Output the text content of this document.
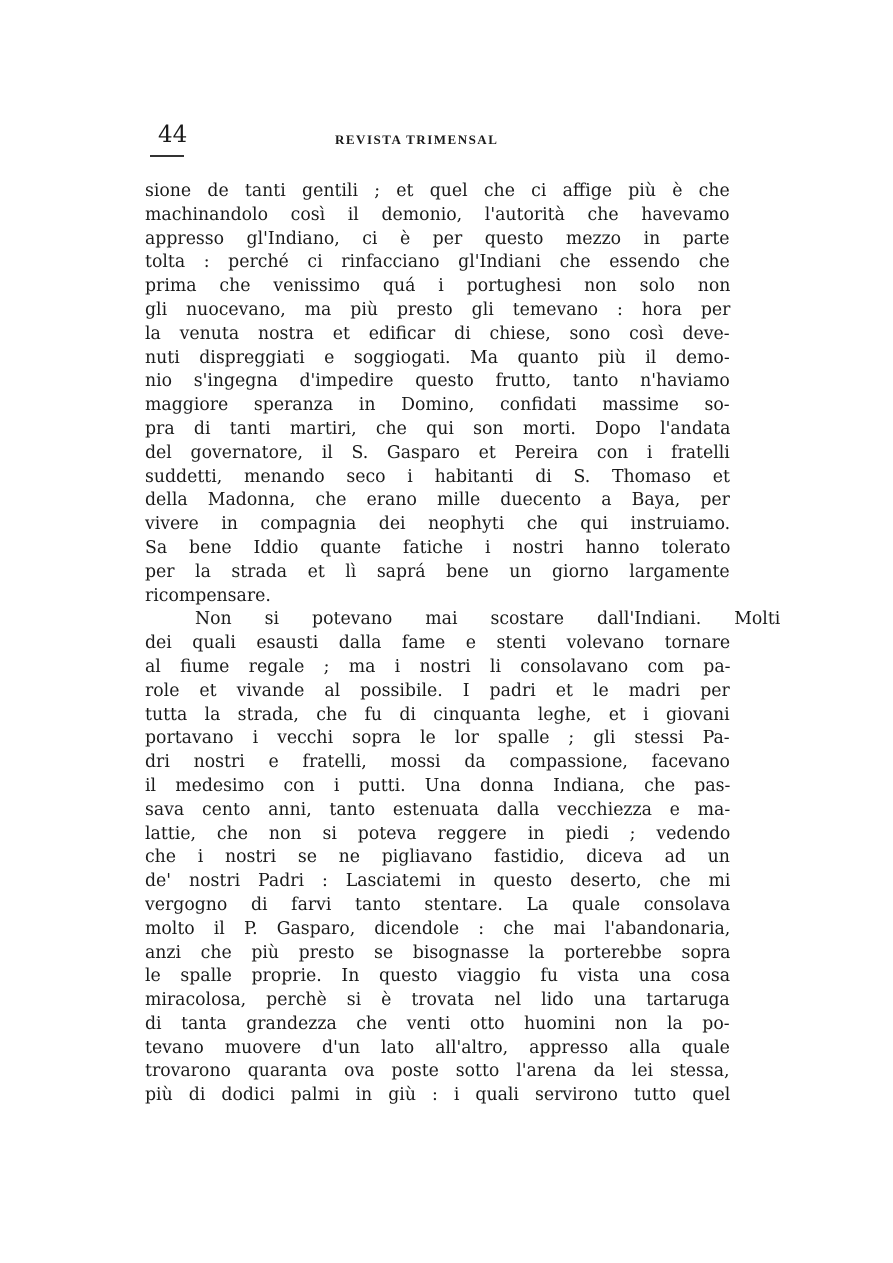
44	REVISTA TRIMENSAL
sione de tanti gentili ; et quel che ci affige più è che
machinandolo così il demonio, l'autorità che havevamo
appresso gl'Indiano, ci è per questo mezzo in parte
tolta : perché ci rinfacciano gl'Indiani che essendo che
prima che venissimo quá i portughesi non solo non
gli nuocevano, ma più presto gli temevano : hora per
la venuta nostra et edificar di chiese, sono così deve-
nuti dispreggiati e soggiogati. Ma quanto più il demo-
nio s'ingegna d'impedire questo frutto, tanto n'haviamo
maggiore speranza in Domino, confidati massime so-
pra di tanti martiri, che qui son morti. Dopo l'andata
del governatore, il S. Gasparo et Pereira con i fratelli
suddetti, menando seco i habitanti di S. Thomaso et
della Madonna, che erano mille duecento a Baya, per
vivere in compagnia dei neophyti che qui instruiamo.
Sa bene Iddio quante fatiche i nostri hanno tolerato
per la strada et lì saprá bene un giorno largamente
ricompensare.
Non si potevano mai scostare dall'Indiani. Molti
dei quali esausti dalla fame e stenti volevano tornare
al fiume regale ; ma i nostri li consolavano com pa-
role et vivande al possibile. I padri et le madri per
tutta la strada, che fu di cinquanta leghe, et i giovani
portavano i vecchi sopra le lor spalle ; gli stessi Pa-
dri nostri e fratelli, mossi da compassione, facevano
il medesimo con i putti. Una donna Indiana, che pas-
sava cento anni, tanto estenuata dalla vecchiezza e ma-
lattie, che non si poteva reggere in piedi ; vedendo
che i nostri se ne pigliavano fastidio, diceva ad un
de' nostri Padri : Lasciatemi in questo deserto, che mi
vergogno di farvi tanto stentare. La quale consolava
molto il P. Gasparo, dicendole : che mai l'abandonaria,
anzi che più presto se bisognasse la porterebbe sopra
le spalle proprie. In questo viaggio fu vista una cosa
miracolosa, perchè si è trovata nel lido una tartaruga
di tanta grandezza che venti otto huomini non la po-
tevano muovere d'un lato all'altro, appresso alla quale
trovarono quaranta ova poste sotto l'arena da lei stessa,
più di dodici palmi in giù : i quali servirono tutto quel
